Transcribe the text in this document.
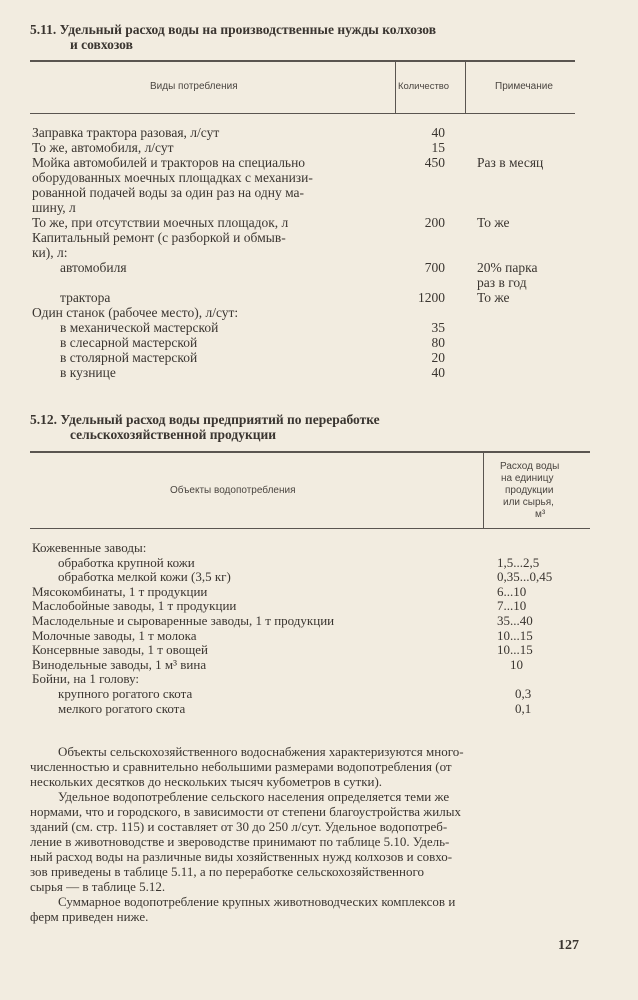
5.11. Удельный расход воды на производственные нужды колхозов
и совхозов
Виды потребления	Количество	Примечание
Заправка трактора разовая, л/сут	40
То же, автомобиля, л/сут	15
Мойка автомобилей и тракторов на специально	450 Раз в месяц
оборудованных моечных площадках с механизи-
рованной подачей воды за один раз на одну ма-
шину, л
То же, при отсутствии моечных площадок, л	200 То же
Капитальный ремонт (с разборкой и обмыв-
ки), л:
автомобиля	700 20% парка
раз в год
трактора	1200 То же
Один станок (рабочее место), л/сут:
в механической мастерской	35
в слесарной мастерской	80
в столярной мастерской	20
в кузнице	40
5.12. Удельный расход воды предприятий по переработке
сельскохозяйственной продукции
Объекты водопотребления
Расход воды
на единицу
продукции
или сырья,
м³
Кожевенные заводы:
обработка крупной кожи	1,5...2,5
обработка мелкой кожи (3,5 кг)	0,35...0,45
Мясокомбинаты, 1 т продукции	6...10
Маслобойные заводы, 1 т продукции	7...10
Маслодельные и сыроваренные заводы, 1 т продукции	35...40
Молочные заводы, 1 т молока	10...15
Консервные заводы, 1 т овощей	10...15
Винодельные заводы, 1 м³ вина	10
Бойни, на 1 голову:
крупного рогатого скота	0,3
мелкого рогатого скота	0,1
Объекты сельскохозяйственного водоснабжения характеризуются много-
численностью и сравнительно небольшими размерами водопотребления (от
нескольких десятков до нескольких тысяч кубометров в сутки).
Удельное водопотребление сельского населения определяется теми же
нормами, что и городского, в зависимости от степени благоустройства жилых
зданий (см. стр. 115) и составляет от 30 до 250 л/сут. Удельное водопотреб-
ление в животноводстве и звероводстве принимают по таблице 5.10. Удель-
ный расход воды на различные виды хозяйственных нужд колхозов и совхо-
зов приведены в таблице 5.11, а по переработке сельскохозяйственного
сырья — в таблице 5.12.
Суммарное водопотребление крупных животноводческих комплексов и
ферм приведен ниже.
127
